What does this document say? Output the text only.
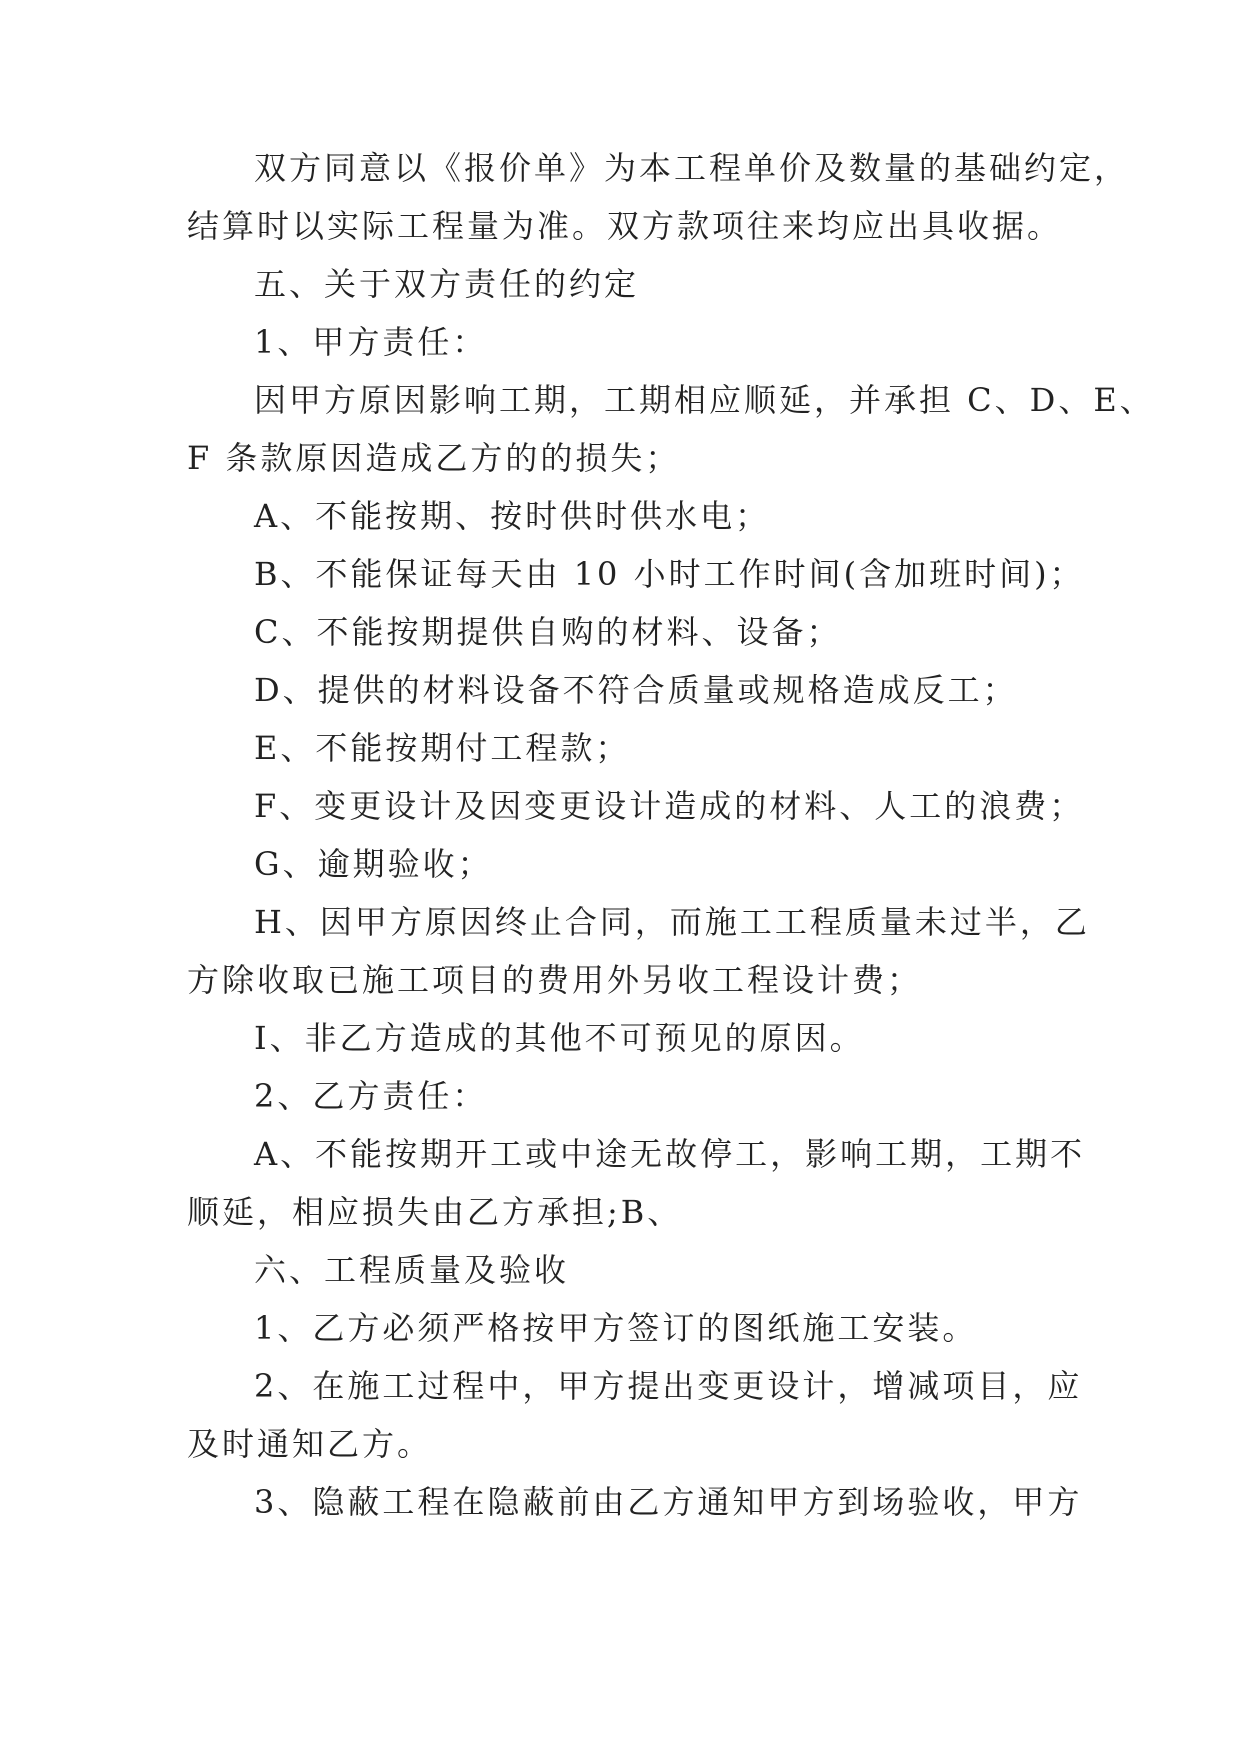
双方同意以《报价单》为本工程单价及数量的基础约定，
结算时以实际工程量为准。双方款项往来均应出具收据。
五、关于双方责任的约定
1、甲方责任：
因甲方原因影响工期，工期相应顺延，并承担 C、D、E、
F 条款原因造成乙方的的损失；
A、不能按期、按时供时供水电；
B、不能保证每天由 10 小时工作时间(含加班时间)；
C、不能按期提供自购的材料、设备；
D、提供的材料设备不符合质量或规格造成反工；
E、不能按期付工程款；
F、变更设计及因变更设计造成的材料、人工的浪费；
G、逾期验收；
H、因甲方原因终止合同，而施工工程质量未过半，乙
方除收取已施工项目的费用外另收工程设计费；
I、非乙方造成的其他不可预见的原因。
2、乙方责任：
A、不能按期开工或中途无故停工，影响工期，工期不
顺延，相应损失由乙方承担;B、
六、工程质量及验收
1、乙方必须严格按甲方签订的图纸施工安装。
2、在施工过程中，甲方提出变更设计，增减项目，应
及时通知乙方。
3、隐蔽工程在隐蔽前由乙方通知甲方到场验收，甲方
